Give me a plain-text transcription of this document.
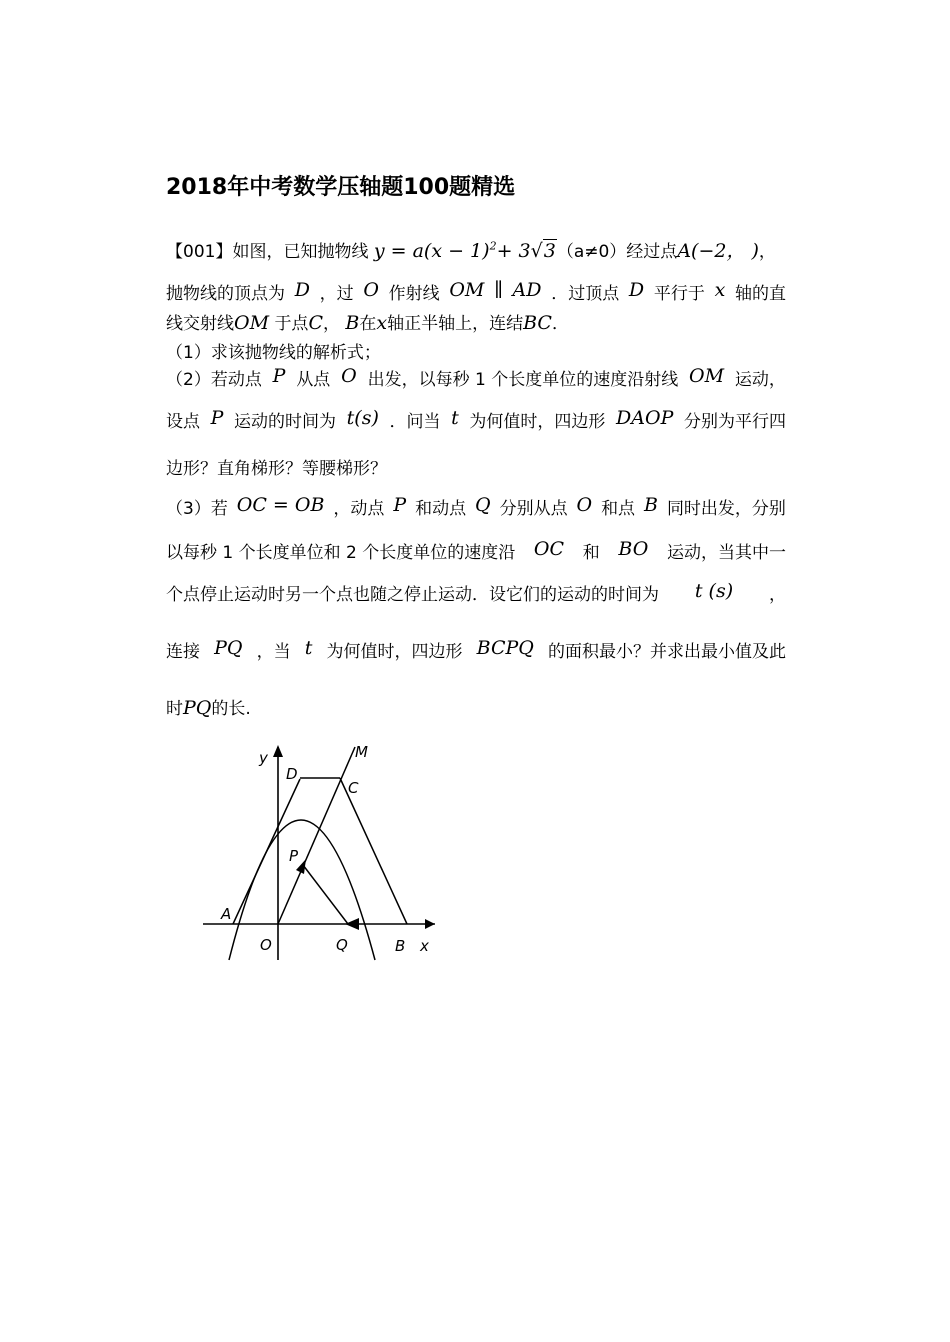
2018年中考数学压轴题100题精选
【001】如图，已知抛物线 $y = a(x - 1)^2+ 3√3(a\ne 0)$经过点A(−2， )，
抛物线的顶点为 D ，过 O 作射线 OM ∥ AD ．过顶点 D 平行于 x 轴的直
线交射线OM 于点C， B在x轴正半轴上，连结BC．
（1）求该抛物线的解析式；
（2）若动点 P 从点 O 出发，以每秒 1 个长度单位的速度沿射线 OM 运动，
设点 P 运动的时间为 t(s) ．问当 t 为何值时，四边形 DAOP 分别为平行四
边形？直角梯形？等腰梯形？
（3）若 OC = OB ，动点 P 和动点 Q 分别从点 O 和点 B 同时出发，分别
以每秒 1 个长度单位和 2 个长度单位的速度沿 OC 和 BO 运动，当其中一
个点停止运动时另一个点也随之停止运动．设它们的运动的时间为 t (s) ，
连接 PQ ，当 t 为何值时，四边形 BCPQ 的面积最小？并求出最小值及此
时PQ的长.
y	M
D
C
P
A
O	Q	B x
